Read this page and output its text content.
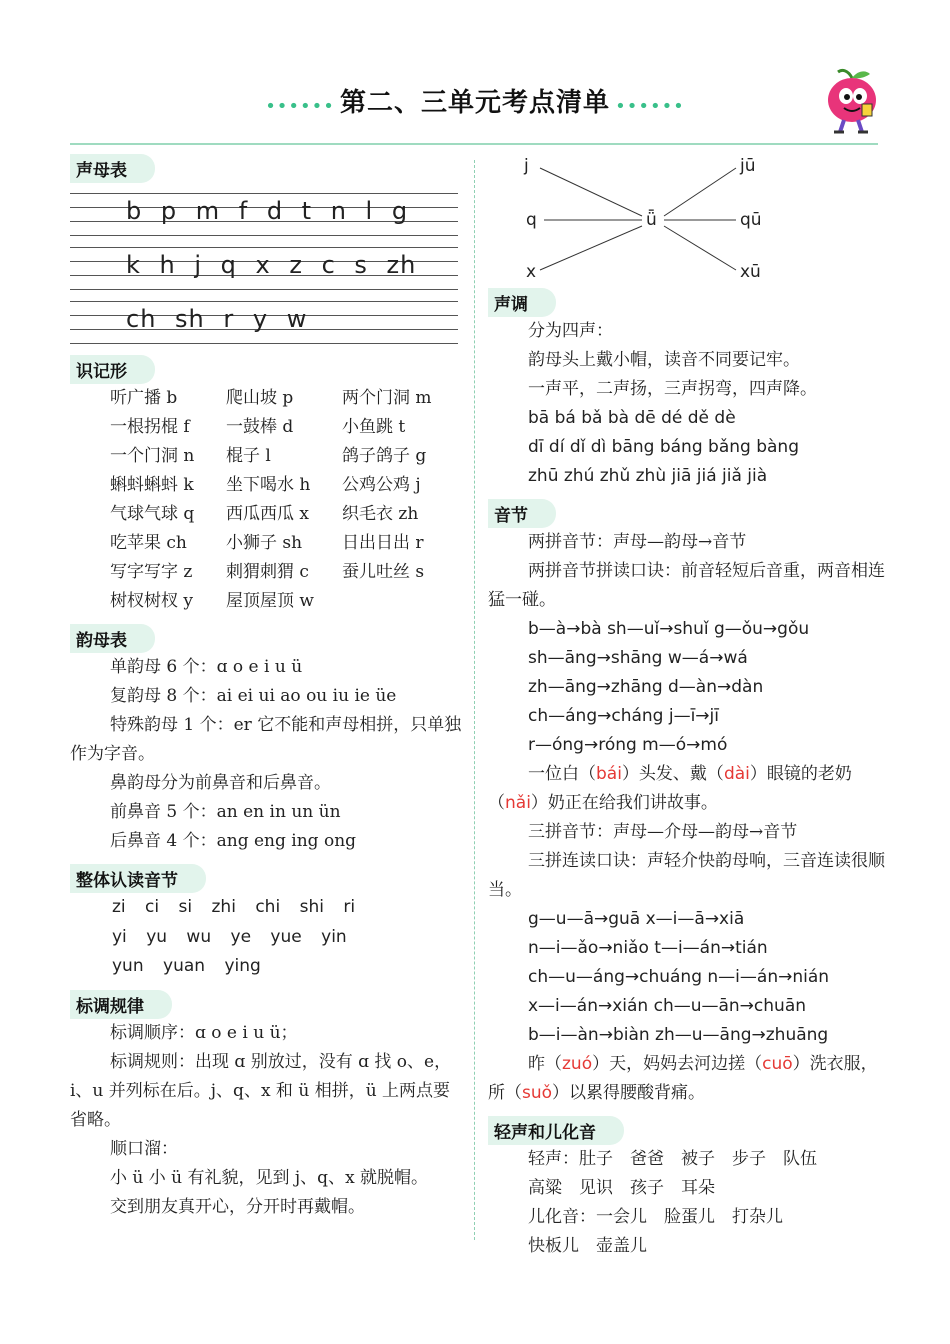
•••••• 第二、三单元考点清单 ••••••
声母表
b p m f d t n l g
k h j q x z c s zh
ch sh r y w
识记形
听广播 b	爬山坡 p	两个门洞 m
一根拐棍 f	一鼓棒 d	小鱼跳 t
一个门洞 n	棍子 l	鸽子鸽子 g
蝌蚪蝌蚪 k	坐下喝水 h	公鸡公鸡 j
气球气球 q	西瓜西瓜 x	织毛衣 zh
吃苹果 ch	小狮子 sh	日出日出 r
写字写字 z	刺猬刺猬 c	蚕儿吐丝 s
树杈树杈 y	屋顶屋顶 w
韵母表
单韵母 6 个：ɑ o e i u ü
复韵母 8 个：ai ei ui ao ou iu ie üe
特殊韵母 1 个：er 它不能和声母相拼，只单独作为字音。
鼻韵母分为前鼻音和后鼻音。
前鼻音 5 个：an en in un ün
后鼻音 4 个：ang eng ing ong
整体认读音节
zi ci si zhi chi shi ri
yi yu wu ye yue yin
yun yuan ying
标调规律
标调顺序：ɑ o e i u ü；
标调规则：出现 ɑ 别放过，没有 ɑ 找 o、e，i、u 并列标在后。j、q、x 和 ü 相拼，ü 上两点要省略。
顺口溜：
小 ü 小 ü 有礼貌，见到 j、q、x 就脱帽。
交到朋友真开心，分开时再戴帽。
j
q
x
ǖ
jū
qū
xū
声调
分为四声：
韵母头上戴小帽，读音不同要记牢。
一声平，二声扬，三声拐弯，四声降。
bā bá bǎ bà dē dé dě dè
dī dí dǐ dì bāng báng bǎng bàng
zhū zhú zhǔ zhù jiā jiá jiǎ jià
音节
两拼音节：声母—韵母→音节
两拼音节拼读口诀：前音轻短后音重，两音相连猛一碰。
b—à→bà sh—uǐ→shuǐ g—ǒu→gǒu
sh—āng→shāng w—á→wá
zh—āng→zhāng d—àn→dàn
ch—áng→cháng j—ī→jī
r—óng→róng m—ó→mó
一位白（bái）头发、戴（dài）眼镜的老奶（nǎi）奶正在给我们讲故事。
三拼音节：声母—介母—韵母→音节
三拼连读口诀：声轻介快韵母响，三音连读很顺当。
g—u—ā→guā x—i—ā→xiā
n—i—ǎo→niǎo t—i—án→tián
ch—u—áng→chuáng n—i—án→nián
x—i—án→xián ch—u—ān→chuān
b—i—àn→biàn zh—u—āng→zhuāng
昨（zuó）天，妈妈去河边搓（cuō）洗衣服，所（suǒ）以累得腰酸背痛。
轻声和儿化音
轻声：肚子　爸爸　被子　步子　队伍
高粱　见识　孩子　耳朵
儿化音：一会儿　脸蛋儿　打杂儿
快板儿　壶盖儿
